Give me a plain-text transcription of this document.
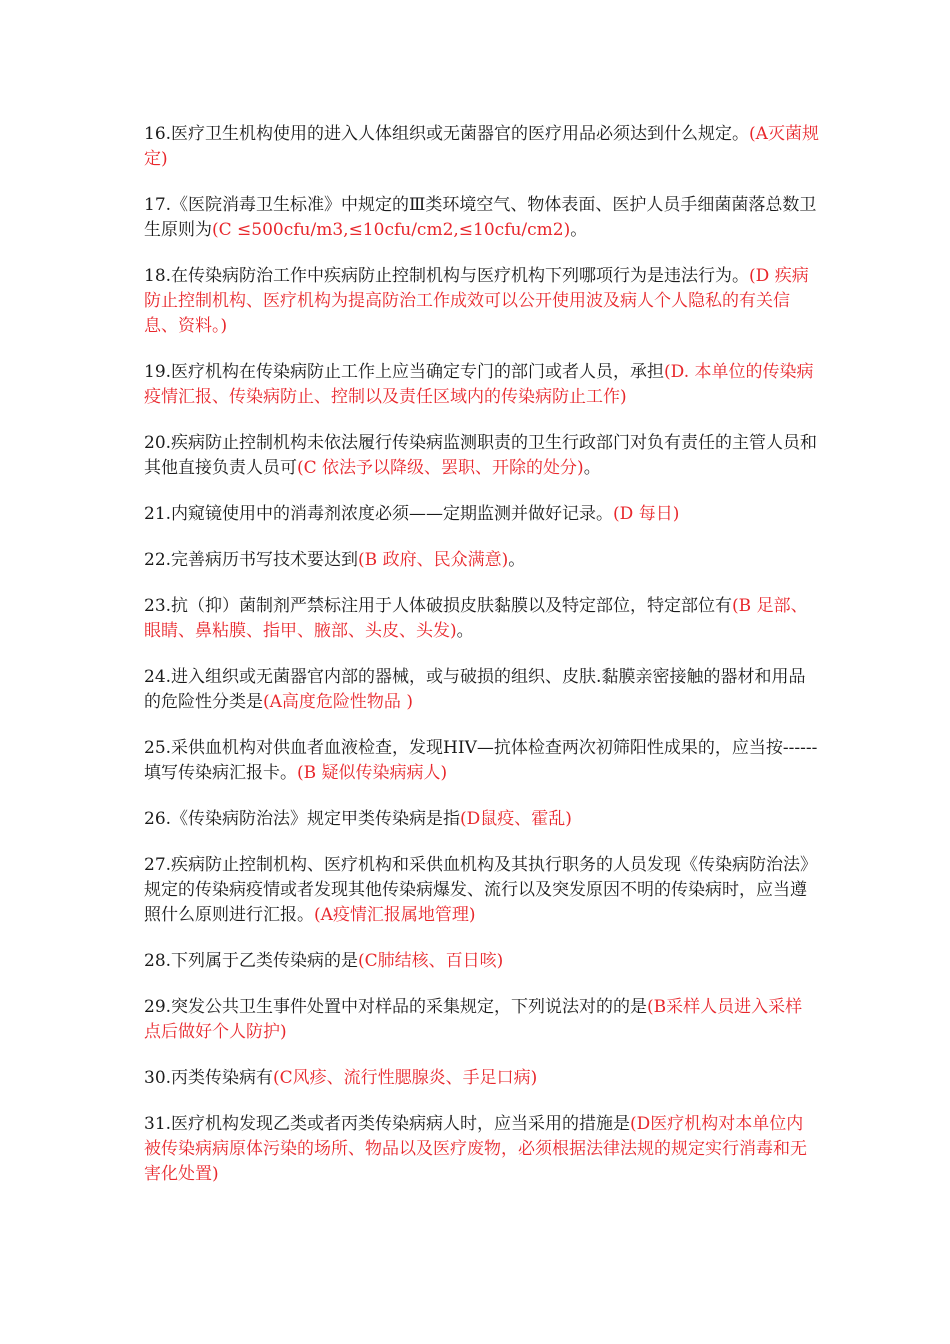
16.医疗卫生机构使用的进入人体组织或无菌器官的医疗用品必须达到什么规定。(A灭菌规定)
17.《医院消毒卫生标准》中规定的Ⅲ类环境空气、物体表面、医护人员手细菌菌落总数卫生原则为(C ≤500cfu/m3,≤10cfu/cm2,≤10cfu/cm2)。
18.在传染病防治工作中疾病防止控制机构与医疗机构下列哪项行为是违法行为。(D 疾病防止控制机构、医疗机构为提高防治工作成效可以公开使用波及病人个人隐私的有关信息、资料。)
19.医疗机构在传染病防止工作上应当确定专门的部门或者人员，承担(D. 本单位的传染病疫情汇报、传染病防止、控制以及责任区域内的传染病防止工作)
20.疾病防止控制机构未依法履行传染病监测职责的卫生行政部门对负有责任的主管人员和其他直接负责人员可(C 依法予以降级、罢职、开除的处分)。
21.内窥镜使用中的消毒剂浓度必须——定期监测并做好记录。(D 每日)
22.完善病历书写技术要达到(B 政府、民众满意)。
23.抗（抑）菌制剂严禁标注用于人体破损皮肤黏膜以及特定部位，特定部位有(B 足部、眼睛、鼻粘膜、指甲、腋部、头皮、头发)。
24.进入组织或无菌器官内部的器械，或与破损的组织、皮肤.黏膜亲密接触的器材和用品的危险性分类是(A高度危险性物品 )
25.采供血机构对供血者血液检查，发现HIV—抗体检查两次初筛阳性成果的，应当按------填写传染病汇报卡。(B 疑似传染病病人)
26.《传染病防治法》规定甲类传染病是指(D鼠疫、霍乱)
27.疾病防止控制机构、医疗机构和采供血机构及其执行职务的人员发现《传染病防治法》规定的传染病疫情或者发现其他传染病爆发、流行以及突发原因不明的传染病时，应当遵照什么原则进行汇报。(A疫情汇报属地管理)
28.下列属于乙类传染病的是(C肺结核、百日咳)
29.突发公共卫生事件处置中对样品的采集规定，下列说法对的的是(B采样人员进入采样点后做好个人防护)
30.丙类传染病有(C风疹、流行性腮腺炎、手足口病)
31.医疗机构发现乙类或者丙类传染病病人时，应当采用的措施是(D医疗机构对本单位内被传染病病原体污染的场所、物品以及医疗废物，必须根据法律法规的规定实行消毒和无害化处置)
